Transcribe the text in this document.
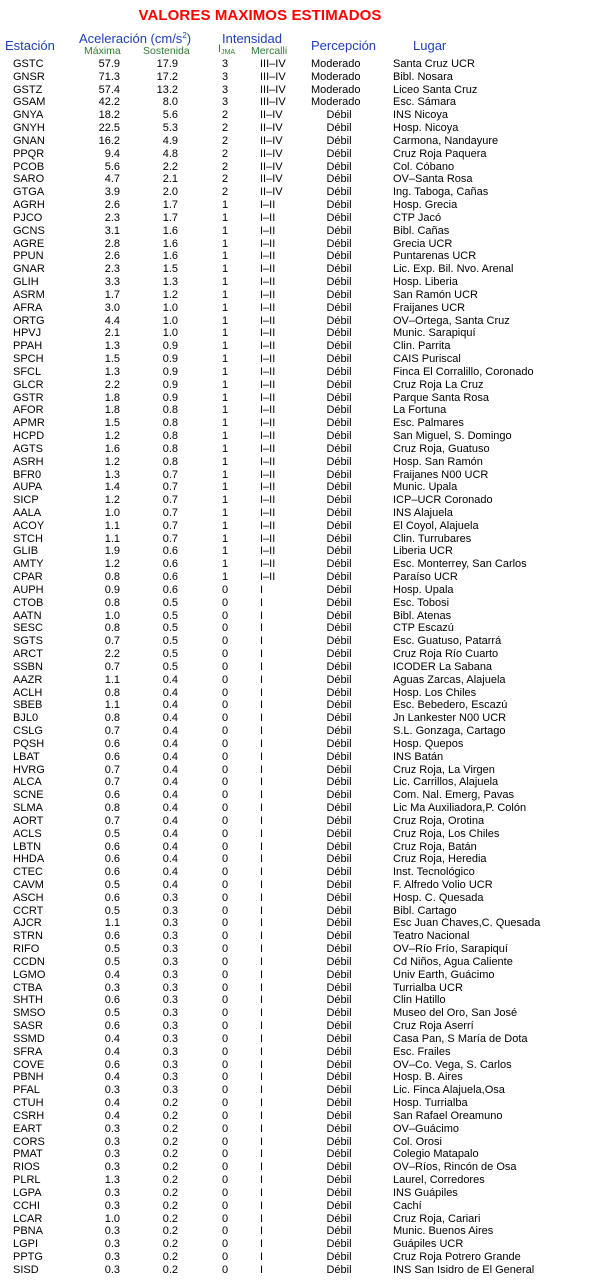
VALORES MAXIMOS ESTIMADOS
Estación Aceleración $(cm/s^2)$
Máxima Sostenida
Intensidad
$I_{JMA}$ Mercalli Percepción	Lugar
GSTC	57.9	17.9	3	III–IV Moderado	Santa Cruz UCR
GNSR	71.3	17.2	3	III–IV Moderado	Bibl. Nosara
GSTZ	57.4	13.2	3	III–IV Moderado	Liceo Santa Cruz
GSAM	42.2	8.0	3	III–IV Moderado	Esc. Sámara
GNYA	18.2	5.6	2	II–IV	Débil	INS Nicoya
GNYH	22.5	5.3	2	II–IV	Débil	Hosp. Nicoya
GNAN	16.2	4.9	2	II–IV	Débil	Carmona, Nandayure
PPQR	9.4	4.8	2	II–IV	Débil	Cruz Roja Paquera
PCOB	5.6	2.2	2	II–IV	Débil	Col. Cóbano
SARO	4.7	2.1	2	II–IV	Débil	OV–Santa Rosa
GTGA	3.9	2.0	2	II–IV	Débil	Ing. Taboga, Cañas
AGRH	2.6	1.7	1	I–II	Débil	Hosp. Grecia
PJCO	2.3	1.7	1	I–II	Débil	CTP Jacó
GCNS	3.1	1.6	1	I–II	Débil	Bibl. Cañas
AGRE	2.8	1.6	1	I–II	Débil	Grecia UCR
PPUN	2.6	1.6	1	I–II	Débil	Puntarenas UCR
GNAR	2.3	1.5	1	I–II	Débil	Lic. Exp. Bil. Nvo. Arenal
GLIH	3.3	1.3	1	I–II	Débil	Hosp. Liberia
ASRM	1.7	1.2	1	I–II	Débil	San Ramón UCR
AFRA	3.0	1.0	1	I–II	Débil	Fraijanes UCR
ORTG	4.4	1.0	1	I–II	Débil	OV–Ortega, Santa Cruz
HPVJ	2.1	1.0	1	I–II	Débil	Munic. Sarapiquí
PPAH	1.3	0.9	1	I–II	Débil	Clin. Parrita
SPCH	1.5	0.9	1	I–II	Débil	CAIS Puriscal
SFCL	1.3	0.9	1	I–II	Débil	Finca El Corralillo, Coronado
GLCR	2.2	0.9	1	I–II	Débil	Cruz Roja La Cruz
GSTR	1.8	0.9	1	I–II	Débil	Parque Santa Rosa
AFOR	1.8	0.8	1	I–II	Débil	La Fortuna
APMR	1.5	0.8	1	I–II	Débil	Esc. Palmares
HCPD	1.2	0.8	1	I–II	Débil	San Miguel, S. Domingo
AGTS	1.6	0.8	1	I–II	Débil	Cruz Roja, Guatuso
ASRH	1.2	0.8	1	I–II	Débil	Hosp. San Ramón
BFR0	1.3	0.7	1	I–II	Débil	Fraijanes N00 UCR
AUPA	1.4	0.7	1	I–II	Débil	Munic. Upala
SICP	1.2	0.7	1	I–II	Débil	ICP–UCR Coronado
AALA	1.0	0.7	1	I–II	Débil	INS Alajuela
ACOY	1.1	0.7	1	I–II	Débil	El Coyol, Alajuela
STCH	1.1	0.7	1	I–II	Débil	Clin. Turrubares
GLIB	1.9	0.6	1	I–II	Débil	Liberia UCR
AMTY	1.2	0.6	1	I–II	Débil	Esc. Monterrey, San Carlos
CPAR	0.8	0.6	1	I–II	Débil	Paraíso UCR
AUPH	0.9	0.6	0	I	Débil	Hosp. Upala
CTOB	0.8	0.5	0	I	Débil	Esc. Tobosi
AATN	1.0	0.5	0	I	Débil	Bibl. Atenas
SESC	0.8	0.5	0	I	Débil	CTP Escazú
SGTS	0.7	0.5	0	I	Débil	Esc. Guatuso, Patarrá
ARCT	2.2	0.5	0	I	Débil	Cruz Roja Río Cuarto
SSBN	0.7	0.5	0	I	Débil	ICODER La Sabana
AAZR	1.1	0.4	0	I	Débil	Aguas Zarcas, Alajuela
ACLH	0.8	0.4	0	I	Débil	Hosp. Los Chiles
SBEB	1.1	0.4	0	I	Débil	Esc. Bebedero, Escazú
BJL0	0.8	0.4	0	I	Débil	Jn Lankester N00 UCR
CSLG	0.7	0.4	0	I	Débil	S.L. Gonzaga, Cartago
PQSH	0.6	0.4	0	I	Débil	Hosp. Quepos
LBAT	0.6	0.4	0	I	Débil	INS Batán
HVRG	0.7	0.4	0	I	Débil	Cruz Roja, La Virgen
ALCA	0.7	0.4	0	I	Débil	Lic. Carrillos, Alajuela
SCNE	0.6	0.4	0	I	Débil	Com. Nal. Emerg, Pavas
SLMA	0.8	0.4	0	I	Débil	Lic Ma Auxiliadora,P. Colón
AORT	0.7	0.4	0	I	Débil	Cruz Roja, Orotina
ACLS	0.5	0.4	0	I	Débil	Cruz Roja, Los Chiles
LBTN	0.6	0.4	0	I	Débil	Cruz Roja, Batán
HHDA	0.6	0.4	0	I	Débil	Cruz Roja, Heredia
CTEC	0.6	0.4	0	I	Débil	Inst. Tecnológico
CAVM	0.5	0.4	0	I	Débil	F. Alfredo Volio UCR
ASCH	0.6	0.3	0	I	Débil	Hosp. C. Quesada
CCRT	0.5	0.3	0	I	Débil	Bibl. Cartago
AJCR	1.1	0.3	0	I	Débil	Esc Juan Chaves,C. Quesada
STRN	0.6	0.3	0	I	Débil	Teatro Nacional
RIFO	0.5	0.3	0	I	Débil	OV–Río Frío, Sarapiquí
CCDN	0.5	0.3	0	I	Débil	Cd Niños, Agua Caliente
LGMO	0.4	0.3	0	I	Débil	Univ Earth, Guácimo
CTBA	0.3	0.3	0	I	Débil	Turrialba UCR
SHTH	0.6	0.3	0	I	Débil	Clin Hatillo
SMSO	0.5	0.3	0	I	Débil	Museo del Oro, San José
SASR	0.6	0.3	0	I	Débil	Cruz Roja Aserrí
SSMD	0.4	0.3	0	I	Débil	Casa Pan, S María de Dota
SFRA	0.4	0.3	0	I	Débil	Esc. Frailes
COVE	0.6	0.3	0	I	Débil	OV–Co. Vega, S. Carlos
PBNH	0.4	0.3	0	I	Débil	Hosp. B. Aires
PFAL	0.3	0.3	0	I	Débil	Lic. Finca Alajuela,Osa
CTUH	0.4	0.2	0	I	Débil	Hosp. Turrialba
CSRH	0.4	0.2	0	I	Débil	San Rafael Oreamuno
EART	0.3	0.2	0	I	Débil	OV–Guácimo
CORS	0.3	0.2	0	I	Débil	Col. Orosi
PMAT	0.3	0.2	0	I	Débil	Colegio Matapalo
RIOS	0.3	0.2	0	I	Débil	OV–Ríos, Rincón de Osa
PLRL	1.3	0.2	0	I	Débil	Laurel, Corredores
LGPA	0.3	0.2	0	I	Débil	INS Guápiles
CCHI	0.3	0.2	0	I	Débil	Cachí
LCAR	1.0	0.2	0	I	Débil	Cruz Roja, Cariari
PBNA	0.3	0.2	0	I	Débil	Munic. Buenos Aires
LGPI	0.3	0.2	0	I	Débil	Guápiles UCR
PPTG	0.3	0.2	0	I	Débil	Cruz Roja Potrero Grande
SISD	0.3	0.2	0	I	Débil	INS San Isidro de El General
